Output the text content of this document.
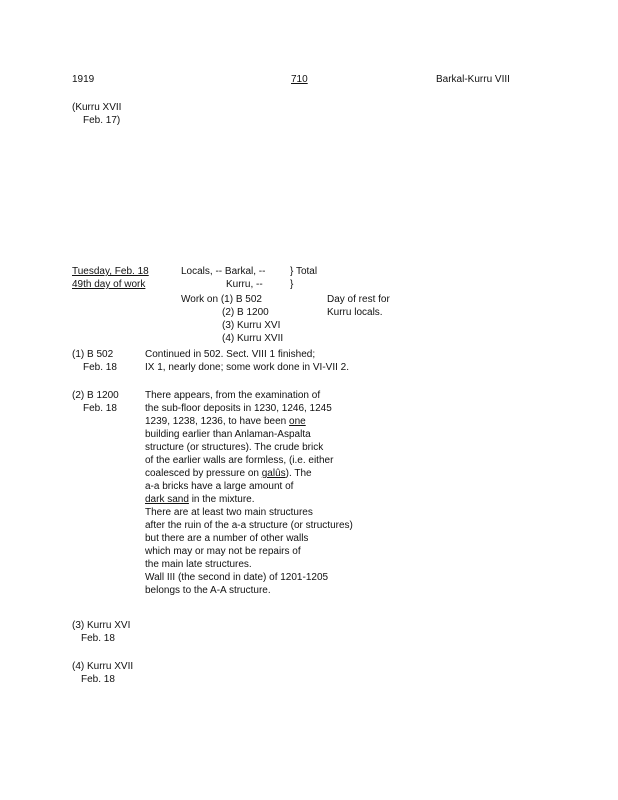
1919	710	Barkal-Kurru VIII
(Kurru XVII
Feb. 17)
Tuesday, Feb. 18
49th day of work
Locals, -- Barkal, --
Kurru, --
} Total
}
Work on (1) B 502
(2) B 1200
(3) Kurru XVI
(4) Kurru XVII
Day of rest for
Kurru locals.
(1) B 502
Feb. 18
Continued in 502. Sect. VIII 1 finished;
IX 1, nearly done; some work done in VI-VII 2.
(2) B 1200
Feb. 18
There appears, from the examination of
the sub-floor deposits in 1230, 1246, 1245
1239, 1238, 1236, to have been one
building earlier than Anlaman-Aspalta
structure (or structures). The crude brick
of the earlier walls are formless, (i.e. either
coalesced by pressure on galûs). The
a-a bricks have a large amount of
dark sand in the mixture.
There are at least two main structures
after the ruin of the a-a structure (or structures)
but there are a number of other walls
which may or may not be repairs of
the main late structures.
Wall III (the second in date) of 1201-1205
belongs to the A-A structure.
(3) Kurru XVI
Feb. 18
(4) Kurru XVII
Feb. 18
